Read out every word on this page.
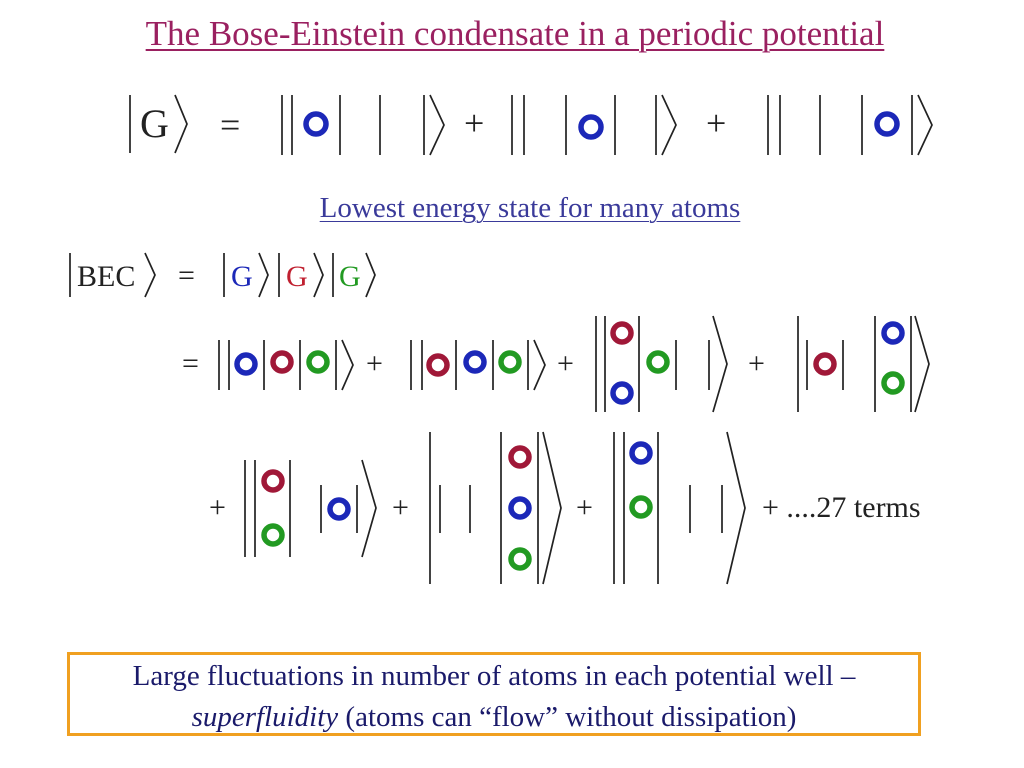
The Bose-Einstein condensate in a periodic potential
G =	+	+
BEC = G G G
=	+	+	+
+	+	+	+ ....27 terms
Lowest energy state for many atoms
Large fluctuations in number of atoms in each potential well –
superfluidity (atoms can “flow” without dissipation)
